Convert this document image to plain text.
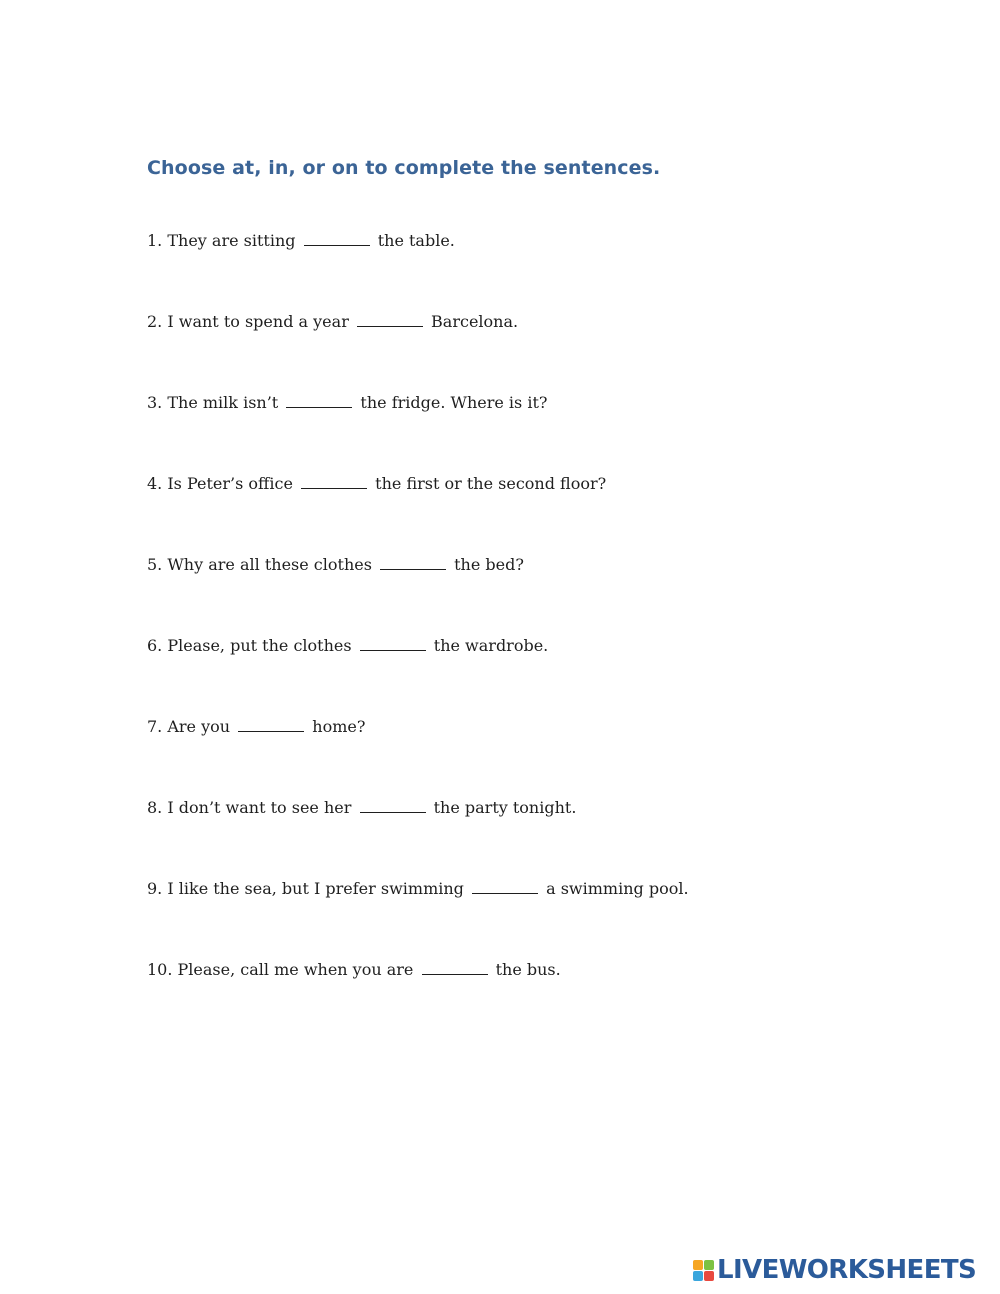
Choose at, in, or on to complete the sentences.

1. They are sitting	the table.

2. I want to spend a year	Barcelona.

3. The milk isn’t	the fridge. Where is it?

4. Is Peter’s office	the first or the second floor?

5. Why are all these clothes	the bed?

6. Please, put the clothes	the wardrobe.

7. Are you	home?

8. I don’t want to see her	the party tonight.

9. I like the sea, but I prefer swimming	a swimming pool.

10. Please, call me when you are	the bus.

LIVEWORKSHEETS
